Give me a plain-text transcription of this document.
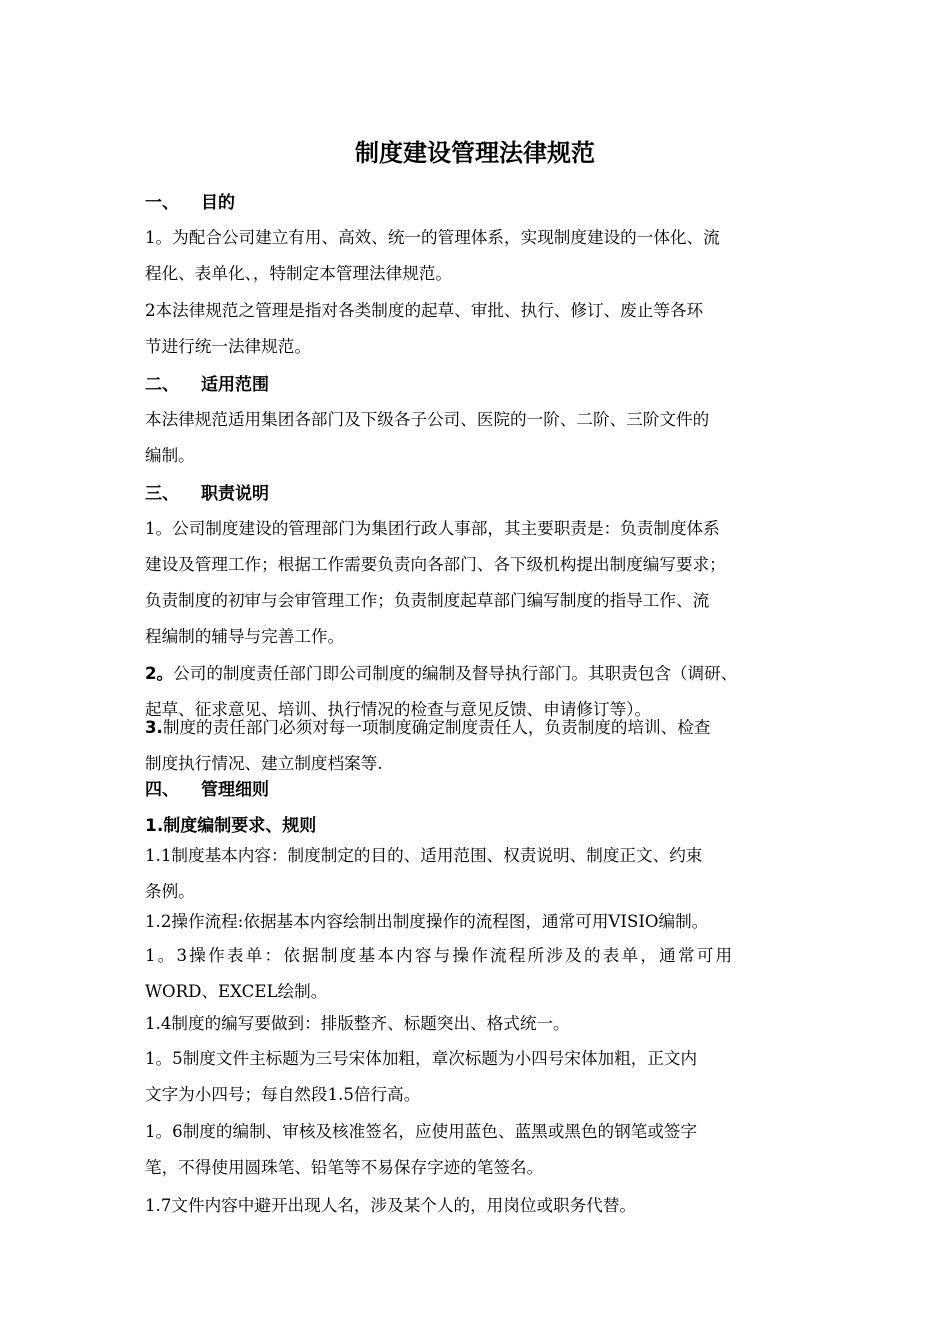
制度建设管理法律规范
一、 目的

1。为配合公司建立有用、高效、统一的管理体系，实现制度建设的一体化、流
程化、表单化、，特制定本管理法律规范。

2本法律规范之管理是指对各类制度的起草、审批、执行、修订、废止等各环
节进行统一法律规范。

二、 适用范围

本法律规范适用集团各部门及下级各子公司、医院的一阶、二阶、三阶文件的
编制。

三、 职责说明

1。公司制度建设的管理部门为集团行政人事部，其主要职责是：负责制度体系
建设及管理工作；根据工作需要负责向各部门、各下级机构提出制度编写要求；
负责制度的初审与会审管理工作；负责制度起草部门编写制度的指导工作、流
程编制的辅导与完善工作。

2。公司的制度责任部门即公司制度的编制及督导执行部门。其职责包含（调研、
起草、征求意见、培训、执行情况的检查与意见反馈、申请修订等）。

3.制度的责任部门必须对每一项制度确定制度责任人，负责制度的培训、检查
制度执行情况、建立制度档案等.

四、 管理细则
1.制度编制要求、规则

1.1制度基本内容：制度制定的目的、适用范围、权责说明、制度正文、约束
条例。

1.2操作流程:依据基本内容绘制出制度操作的流程图，通常可用VISIO编制。

1。3操作表单：依据制度基本内容与操作流程所涉及的表单，通常可用
WORD、EXCEL绘制。

1.4制度的编写要做到：排版整齐、标题突出、格式统一。

1。5制度文件主标题为三号宋体加粗，章次标题为小四号宋体加粗，正文内
文字为小四号；每自然段1.5倍行高。

1。6制度的编制、审核及核准签名，应使用蓝色、蓝黑或黑色的钢笔或签字
笔，不得使用圆珠笔、铅笔等不易保存字迹的笔签名。

1.7文件内容中避开出现人名，涉及某个人的，用岗位或职务代替。
